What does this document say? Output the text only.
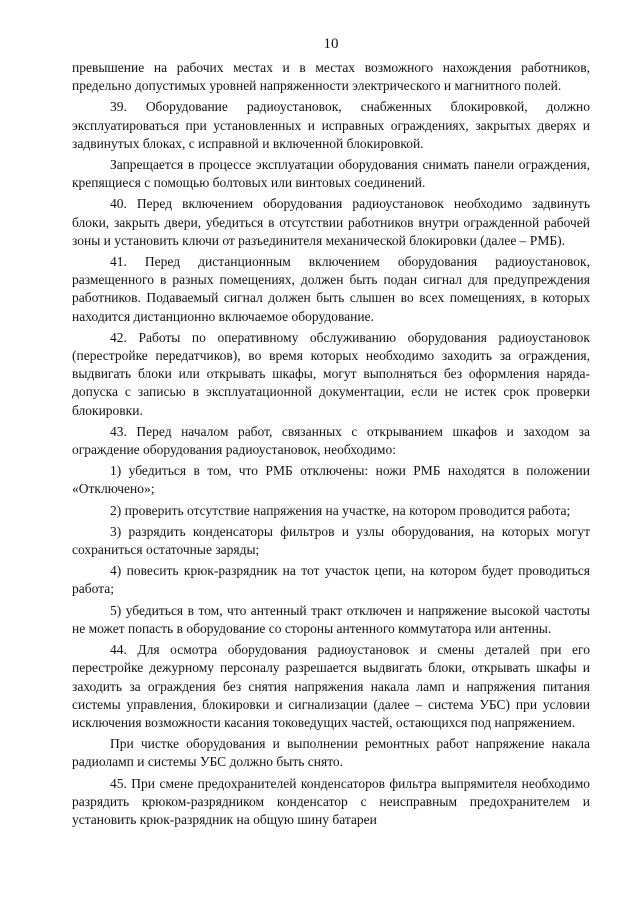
10

превышение на рабочих местах и в местах возможного нахождения работников, предельно допустимых уровней напряженности электрического и магнитного полей.

39. Оборудование радиоустановок, снабженных блокировкой, должно эксплуатироваться при установленных и исправных ограждениях, закрытых дверях и задвинутых блоках, с исправной и включенной блокировкой.

Запрещается в процессе эксплуатации оборудования снимать панели ограждения, крепящиеся с помощью болтовых или винтовых соединений.

40. Перед включением оборудования радиоустановок необходимо задвинуть блоки, закрыть двери, убедиться в отсутствии работников внутри огражденной рабочей зоны и установить ключи от разъединителя механической блокировки (далее – РМБ).

41. Перед дистанционным включением оборудования радиоустановок, размещенного в разных помещениях, должен быть подан сигнал для предупреждения работников. Подаваемый сигнал должен быть слышен во всех помещениях, в которых находится дистанционно включаемое оборудование.

42. Работы по оперативному обслуживанию оборудования радиоустановок (перестройке передатчиков), во время которых необходимо заходить за ограждения, выдвигать блоки или открывать шкафы, могут выполняться без оформления наряда-допуска с записью в эксплуатационной документации, если не истек срок проверки блокировки.

43. Перед началом работ, связанных с открыванием шкафов и заходом за ограждение оборудования радиоустановок, необходимо:

1) убедиться в том, что РМБ отключены: ножи РМБ находятся в положении «Отключено»;

2) проверить отсутствие напряжения на участке, на котором проводится работа;

3) разрядить конденсаторы фильтров и узлы оборудования, на которых могут сохраниться остаточные заряды;

4) повесить крюк-разрядник на тот участок цепи, на котором будет проводиться работа;

5) убедиться в том, что антенный тракт отключен и напряжение высокой частоты не может попасть в оборудование со стороны антенного коммутатора или антенны.

44. Для осмотра оборудования радиоустановок и смены деталей при его перестройке дежурному персоналу разрешается выдвигать блоки, открывать шкафы и заходить за ограждения без снятия напряжения накала ламп и напряжения питания системы управления, блокировки и сигнализации (далее – система УБС) при условии исключения возможности касания токоведущих частей, остающихся под напряжением.

При чистке оборудования и выполнении ремонтных работ напряжение накала радиоламп и системы УБС должно быть снято.

45. При смене предохранителей конденсаторов фильтра выпрямителя необходимо разрядить крюком-разрядником конденсатор с неисправным предохранителем и установить крюк-разрядник на общую шину батареи
